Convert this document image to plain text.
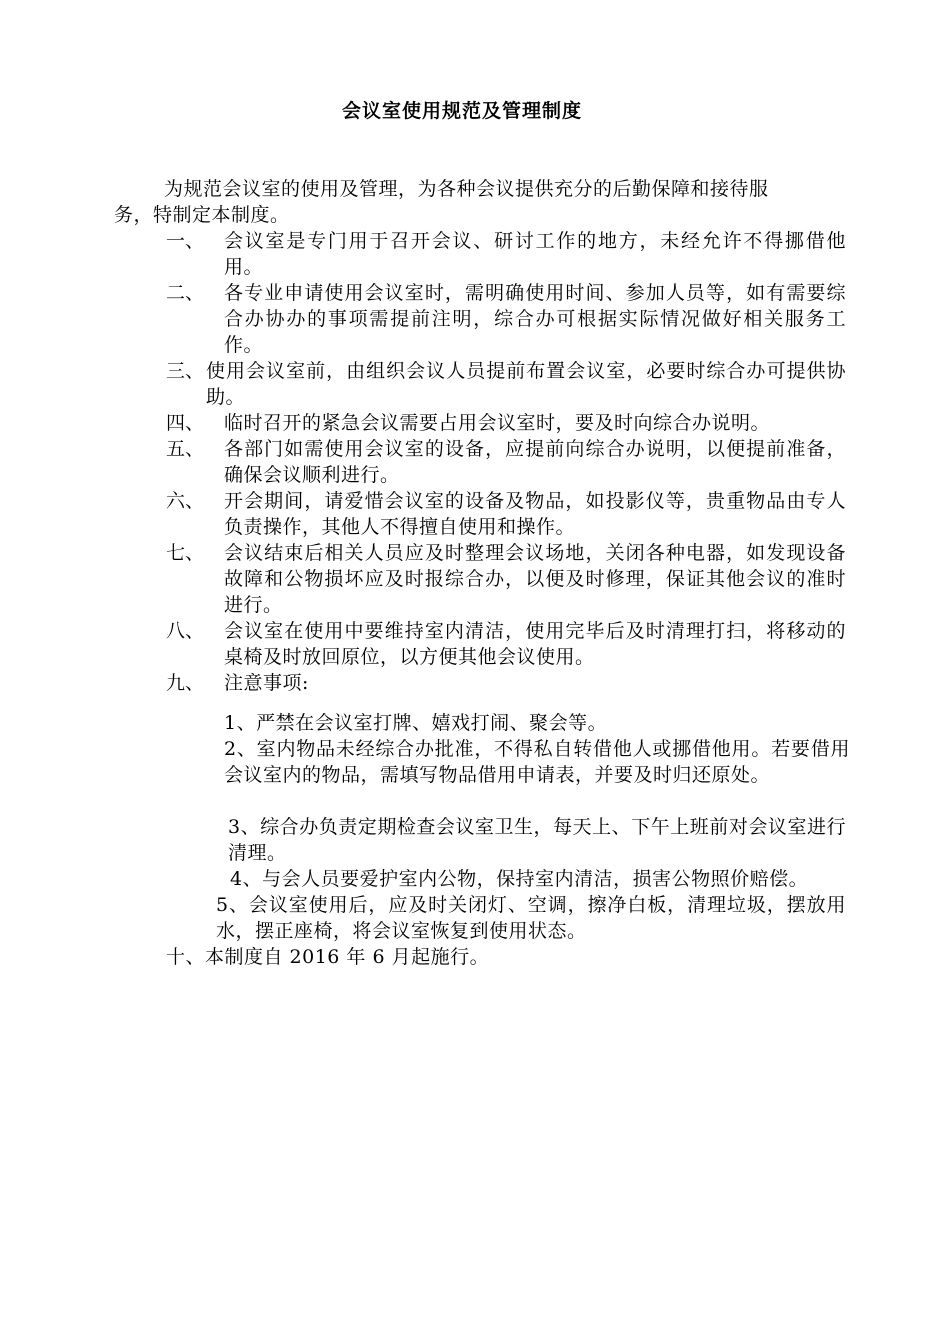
会议室使用规范及管理制度
为规范会议室的使用及管理，为各种会议提供充分的后勤保障和接待服
务，特制定本制度。
一、 会议室是专门用于召开会议、研讨工作的地方，未经允许不得挪借他用。
二、 各专业申请使用会议室时，需明确使用时间、参加人员等，如有需要综合办协办的事项需提前注明，综合办可根据实际情况做好相关服务工作。
三、 使用会议室前，由组织会议人员提前布置会议室，必要时综合办可提供协助。
四、 临时召开的紧急会议需要占用会议室时，要及时向综合办说明。
五、 各部门如需使用会议室的设备，应提前向综合办说明，以便提前准备，确保会议顺利进行。
六、 开会期间，请爱惜会议室的设备及物品，如投影仪等，贵重物品由专人负责操作，其他人不得擅自使用和操作。
七、 会议结束后相关人员应及时整理会议场地，关闭各种电器，如发现设备故障和公物损坏应及时报综合办，以便及时修理，保证其他会议的准时进行。
八、 会议室在使用中要维持室内清洁，使用完毕后及时清理打扫，将移动的桌椅及时放回原位，以方便其他会议使用。
九、 注意事项:
1、严禁在会议室打牌、嬉戏打闹、聚会等。
2、室内物品未经综合办批准，不得私自转借他人或挪借他用。若要借用会议室内的物品，需填写物品借用申请表，并要及时归还原处。
3、综合办负责定期检查会议室卫生，每天上、下午上班前对会议室进行清理。
4、与会人员要爱护室内公物，保持室内清洁，损害公物照价赔偿。
5、会议室使用后，应及时关闭灯、空调，擦净白板，清理垃圾，摆放用水，摆正座椅，将会议室恢复到使用状态。
十、本制度自 2016 年 6 月起施行。
